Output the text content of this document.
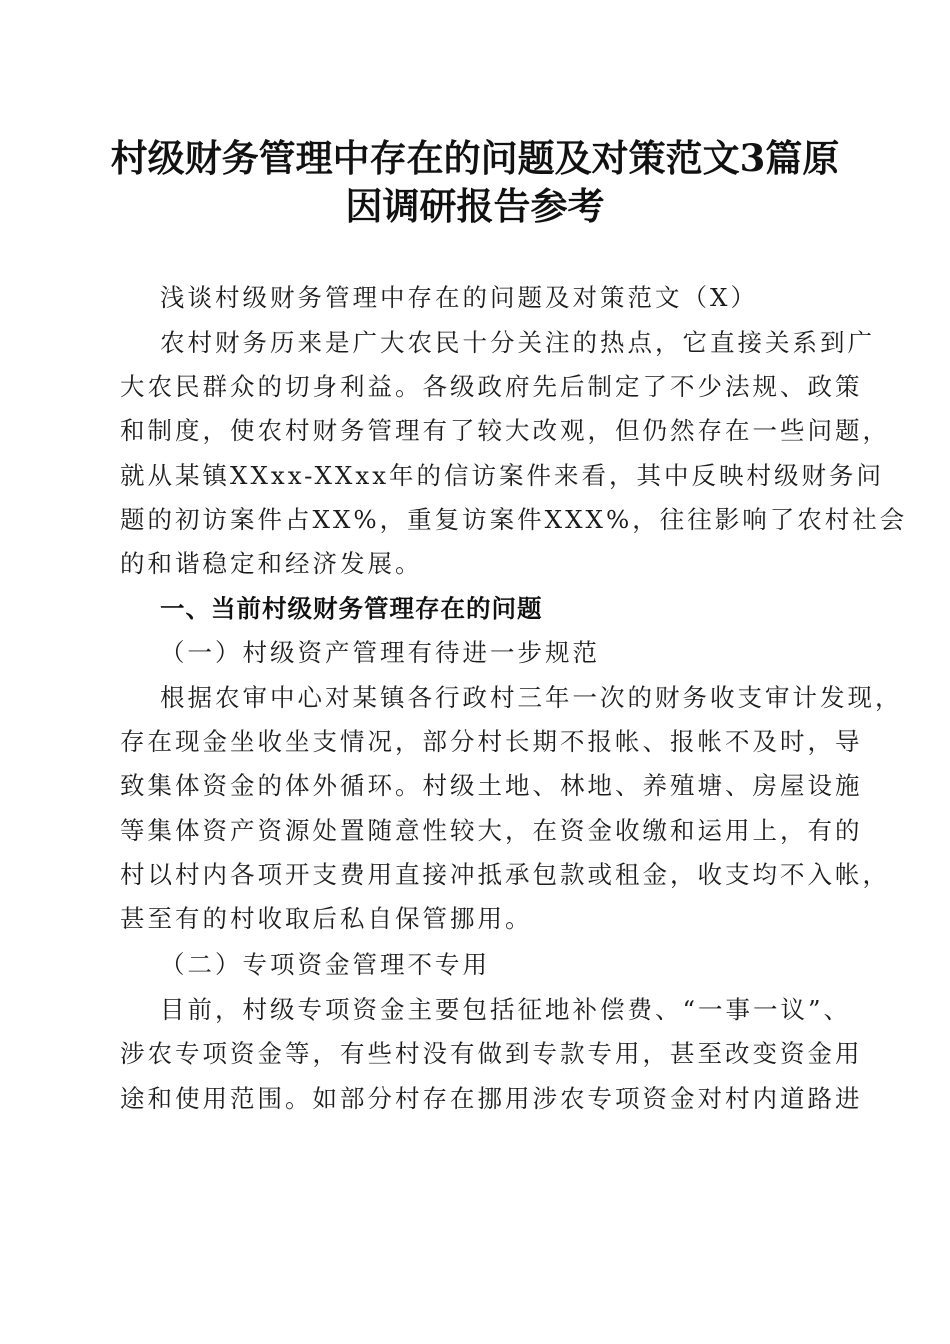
村级财务管理中存在的问题及对策范文3篇原
因调研报告参考
浅谈村级财务管理中存在的问题及对策范文（X）
农村财务历来是广大农民十分关注的热点，它直接关系到广
大农民群众的切身利益。各级政府先后制定了不少法规、政策
和制度，使农村财务管理有了较大改观，但仍然存在一些问题，
就从某镇XXxx-XXxx年的信访案件来看，其中反映村级财务问
题的初访案件占XX%，重复访案件XXX%，往往影响了农村社会
的和谐稳定和经济发展。
一、当前村级财务管理存在的问题
（一）村级资产管理有待进一步规范
根据农审中心对某镇各行政村三年一次的财务收支审计发现，
存在现金坐收坐支情况，部分村长期不报帐、报帐不及时，导
致集体资金的体外循环。村级土地、林地、养殖塘、房屋设施
等集体资产资源处置随意性较大，在资金收缴和运用上，有的
村以村内各项开支费用直接冲抵承包款或租金，收支均不入帐，
甚至有的村收取后私自保管挪用。
（二）专项资金管理不专用
目前，村级专项资金主要包括征地补偿费、“一事一议”、
涉农专项资金等，有些村没有做到专款专用，甚至改变资金用
途和使用范围。如部分村存在挪用涉农专项资金对村内道路进
